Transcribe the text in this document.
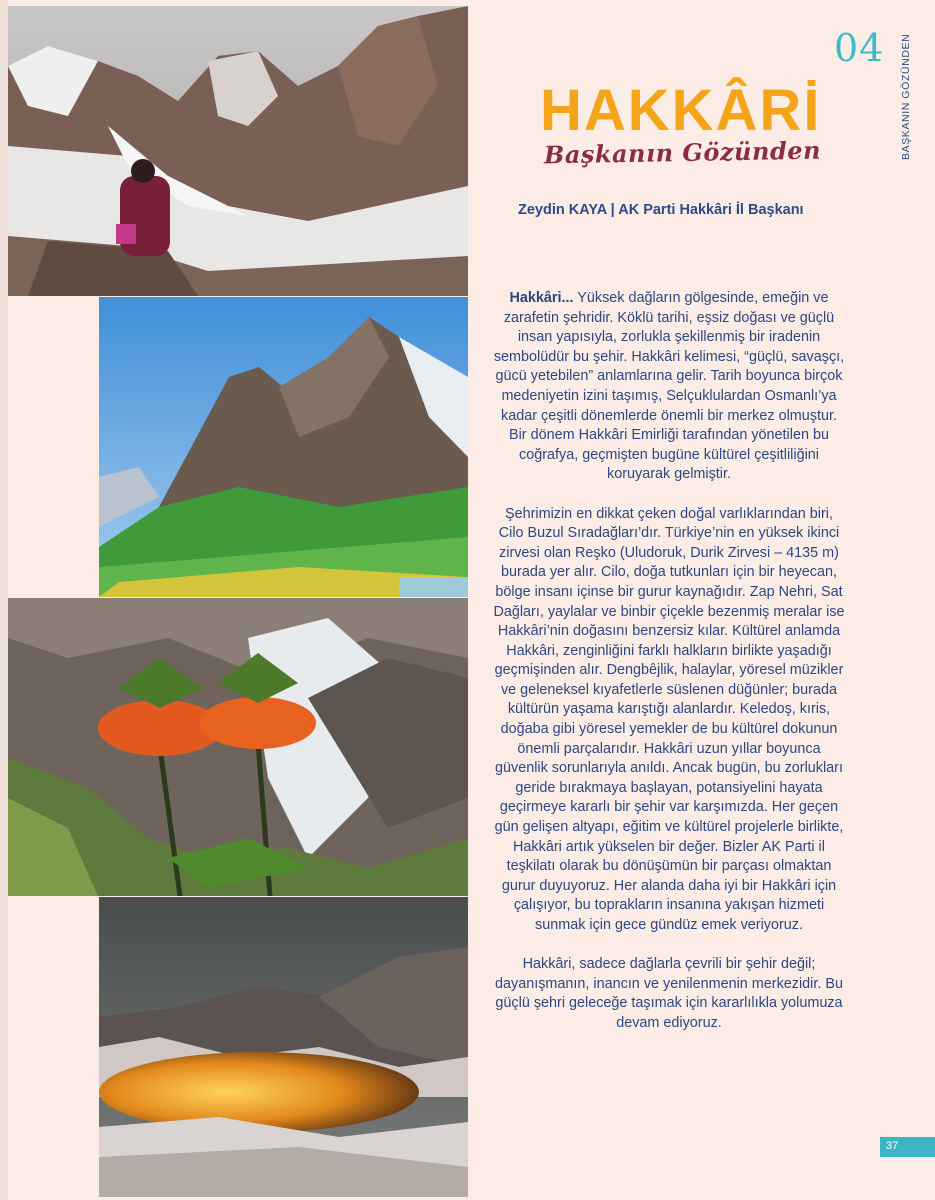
04 BAŞKANIN GÖZÜNDEN
HAKKÂRİ
Başkanın Gözünden
Zeydin KAYA | AK Parti Hakkâri İl Başkanı

Hakkâri... Yüksek dağların gölgesinde, emeğin ve zarafetin şehridir. Köklü tarihi, eşsiz doğası ve güçlü insan yapısıyla, zorlukla şekillenmiş bir iradenin sembolüdür bu şehir. Hakkâri kelimesi, “güçlü, savaşçı, gücü yetebilen” anlamlarına gelir. Tarih boyunca birçok medeniyetin izini taşımış, Selçuklulardan Osmanlı’ya kadar çeşitli dönemlerde önemli bir merkez olmuştur. Bir dönem Hakkâri Emirliği tarafından yönetilen bu coğrafya, geçmişten bugüne kültürel çeşitliliğini koruyarak gelmiştir.

Şehrimizin en dikkat çeken doğal varlıklarından biri, Cilo Buzul Sıradağları’dır. Türkiye’nin en yüksek ikinci zirvesi olan Reşko (Uludoruk, Durik Zirvesi – 4135 m) burada yer alır. Cilo, doğa tutkunları için bir heyecan, bölge insanı içinse bir gurur kaynağıdır. Zap Nehri, Sat Dağları, yaylalar ve binbir çiçekle bezenmiş meralar ise Hakkâri’nin doğasını benzersiz kılar. Kültürel anlamda Hakkâri, zenginliğini farklı halkların birlikte yaşadığı geçmişinden alır. Dengbêjlik, halaylar, yöresel müzikler ve geleneksel kıyafetlerle süslenen düğünler; burada kültürün yaşama karıştığı alanlardır. Keledoş, kıris, doğaba gibi yöresel yemekler de bu kültürel dokunun önemli parçalarıdır. Hakkâri uzun yıllar boyunca güvenlik sorunlarıyla anıldı. Ancak bugün, bu zorlukları geride bırakmaya başlayan, potansiyelini hayata geçirmeye kararlı bir şehir var karşımızda. Her geçen gün gelişen altyapı, eğitim ve kültürel projelerle birlikte, Hakkâri artık yükselen bir değer. Bizler AK Parti il teşkilatı olarak bu dönüşümün bir parçası olmaktan gurur duyuyoruz. Her alanda daha iyi bir Hakkâri için çalışıyor, bu toprakların insanına yakışan hizmeti sunmak için gece gündüz emek veriyoruz.

Hakkâri, sadece dağlarla çevrili bir şehir değil; dayanışmanın, inancın ve yenilenmenin merkezidir. Bu güçlü şehri geleceğe taşımak için kararlılıkla yolumuza devam ediyoruz.

37
